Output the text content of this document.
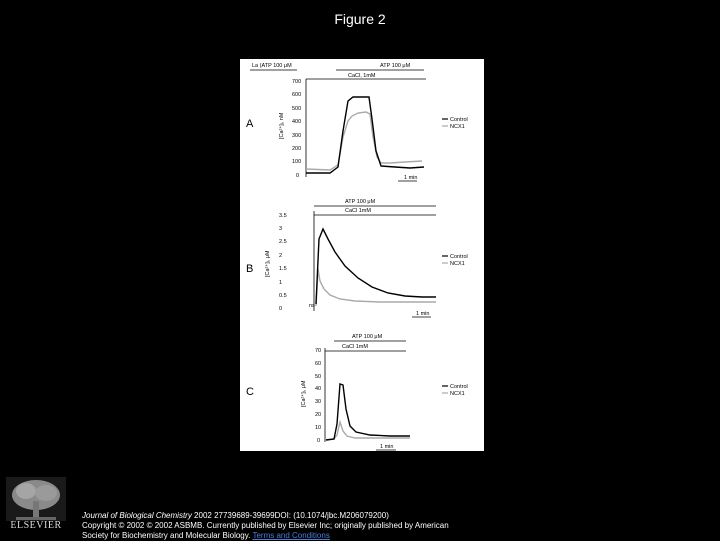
Figure 2
La (ATP 100 μM	ATP 100 μM
CaCl, 1mM
A	[Ca²⁺]ᵢ, nM
700
600
500
400
300
200
100
0	1 min
Control
NCX1
ATP 100 μM
CaCl 1mM
B [Ca²⁺]ᵢ, μM
3.5
3
2.5
2
1.5
1
0.5
0	ns
1 min
Control
NCX1
ATP 100 μM
CaCl 1mM
C	[Ca²⁺]ᵢ, μM
70
60
50
40
30
20
10
0
1 min
Control
NCX1
ELSEVIER
Journal of Biological Chemistry 2002 27739689-39699DOI: (10.1074/jbc.M206079200)
Copyright © 2002 © 2002 ASBMB. Currently published by Elsevier Inc; originally published by American
Society for Biochemistry and Molecular Biology. Terms and Conditions
